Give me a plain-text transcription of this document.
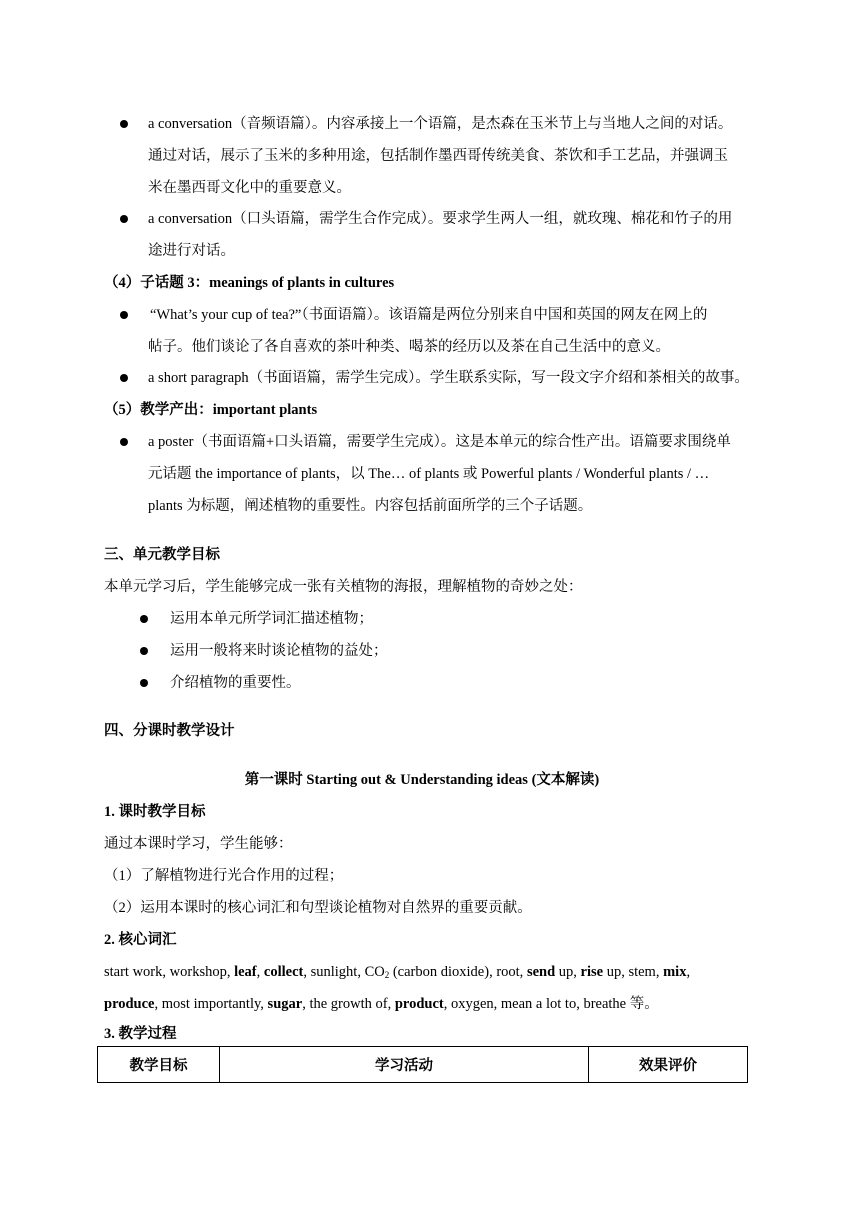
a conversation（音频语篇）。内容承接上一个语篇，是杰森在玉米节上与当地人之间的对话。
通过对话，展示了玉米的多种用途，包括制作墨西哥传统美食、茶饮和手工艺品，并强调玉
米在墨西哥文化中的重要意义。
a conversation（口头语篇，需学生合作完成）。要求学生两人一组，就玫瑰、棉花和竹子的用
途进行对话。
（4）子话题 3：meanings of plants in cultures
“What’s your cup of tea?”（书面语篇）。该语篇是两位分别来自中国和英国的网友在网上的
帖子。他们谈论了各自喜欢的茶叶种类、喝茶的经历以及茶在自己生活中的意义。
a short paragraph（书面语篇，需学生完成）。学生联系实际，写一段文字介绍和茶相关的故事。
（5）教学产出：important plants
a poster（书面语篇+口头语篇，需要学生完成）。这是本单元的综合性产出。语篇要求围绕单
元话题 the importance of plants，以 The… of plants 或 Powerful plants / Wonderful plants / …
plants 为标题，阐述植物的重要性。内容包括前面所学的三个子话题。
三、单元教学目标
本单元学习后，学生能够完成一张有关植物的海报，理解植物的奇妙之处：
运用本单元所学词汇描述植物；
运用一般将来时谈论植物的益处；
介绍植物的重要性。
四、分课时教学设计
第一课时 Starting out & Understanding ideas (文本解读)
1. 课时教学目标
通过本课时学习，学生能够：
（1）了解植物进行光合作用的过程；
（2）运用本课时的核心词汇和句型谈论植物对自然界的重要贡献。
2. 核心词汇
start work, workshop, leaf, collect, sunlight, $CO_2$ (carbon dioxide), root, send up, rise up, stem, mix,
produce, most importantly, sugar, the growth of, product, oxygen, mean a lot to, breathe 等。
3. 教学过程
教学目标	学习活动	效果评价
